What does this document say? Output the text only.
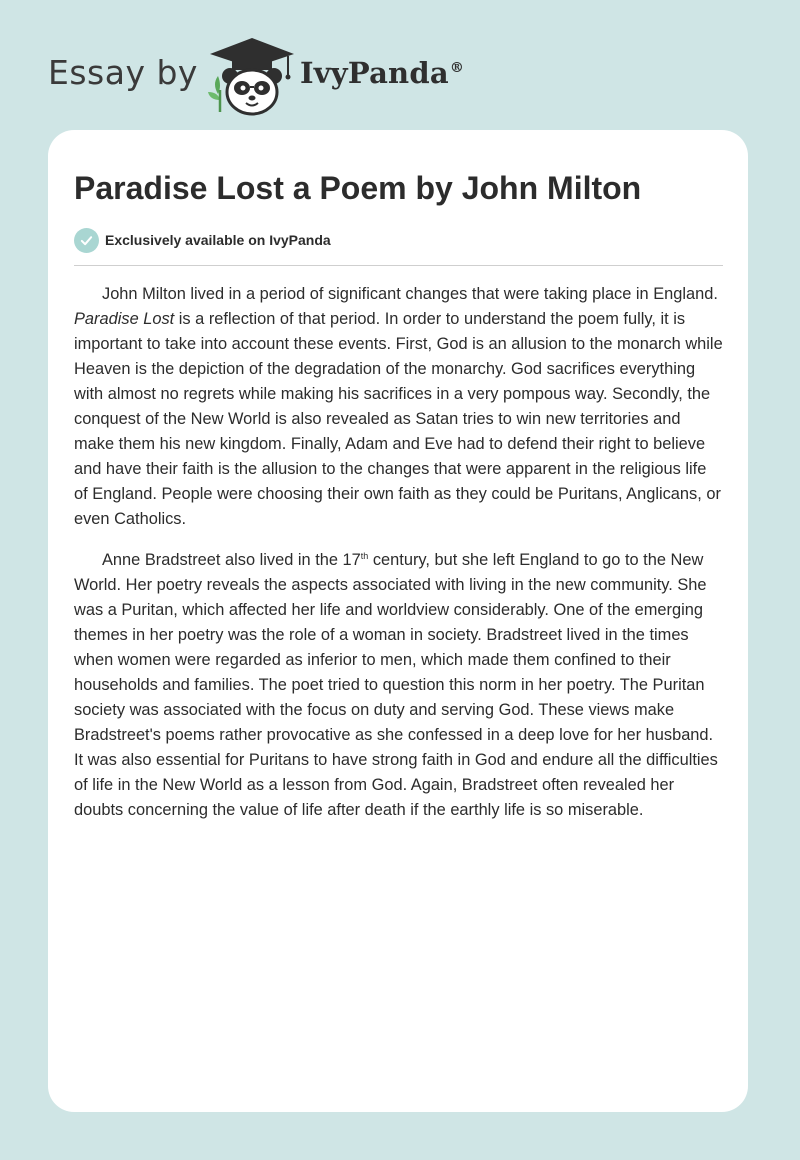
Essay by	IvyPanda®
Paradise Lost a Poem by John Milton
Exclusively available on IvyPanda

John Milton lived in a period of significant changes that were taking place in England. Paradise Lost is a reflection of that period. In order to understand the poem fully, it is important to take into account these events. First, God is an allusion to the monarch while Heaven is the depiction of the degradation of the monarchy. God sacrifices everything with almost no regrets while making his sacrifices in a very pompous way. Secondly, the conquest of the New World is also revealed as Satan tries to win new territories and make them his new kingdom. Finally, Adam and Eve had to defend their right to believe and have their faith is the allusion to the changes that were apparent in the religious life of England. People were choosing their own faith as they could be Puritans, Anglicans, or even Catholics.

Anne Bradstreet also lived in the 17th century, but she left England to go to the New World. Her poetry reveals the aspects associated with living in the new community. She was a Puritan, which affected her life and worldview considerably. One of the emerging themes in her poetry was the role of a woman in society. Bradstreet lived in the times when women were regarded as inferior to men, which made them confined to their households and families. The poet tried to question this norm in her poetry. The Puritan society was associated with the focus on duty and serving God. These views make Bradstreet's poems rather provocative as she confessed in a deep love for her husband. It was also essential for Puritans to have strong faith in God and endure all the difficulties of life in the New World as a lesson from God. Again, Bradstreet often revealed her doubts concerning the value of life after death if the earthly life is so miserable.
